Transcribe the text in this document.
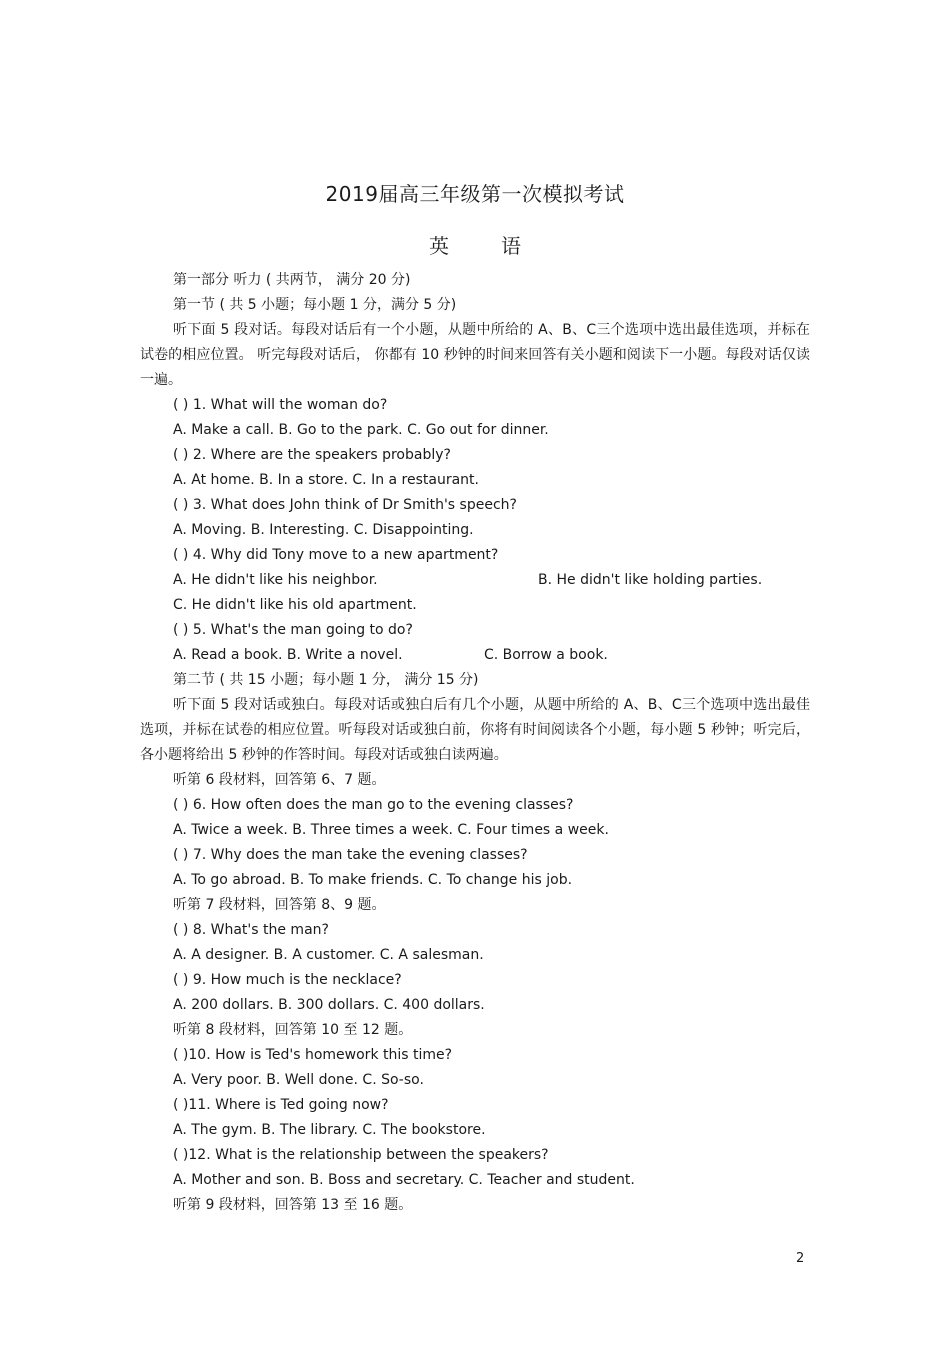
2019届高三年级第一次模拟考试
英	语
第一部分 听力 ( 共两节， 满分 20 分)
第一节 ( 共 5 小题；每小题 1 分，满分 5 分)
听下面 5 段对话。每段对话后有一个小题，从题中所给的 A、B、C三个选项中选出最佳选项，并标在试卷的相应位置。 听完每段对话后， 你都有 10 秒钟的时间来回答有关小题和阅读下一小题。每段对话仅读一遍。
( ) 1. What will the woman do?
A. Make a call. B. Go to the park. C. Go out for dinner.
( ) 2. Where are the speakers probably?
A. At home. B. In a store. C. In a restaurant.
( ) 3. What does John think of Dr Smith's speech?
A. Moving. B. Interesting. C. Disappointing.
( ) 4. Why did Tony move to a new apartment?
A. He didn't like his neighbor.	B. He didn't like holding parties.
C. He didn't like his old apartment.
( ) 5. What's the man going to do?
A. Read a book. B. Write a novel.	C. Borrow a book.
第二节 ( 共 15 小题；每小题 1 分， 满分 15 分)
听下面 5 段对话或独白。每段对话或独白后有几个小题，从题中所给的 A、B、C三个选项中选出最佳选项，并标在试卷的相应位置。听每段对话或独白前，你将有时间阅读各个小题，每小题 5 秒钟；听完后，各小题将给出 5 秒钟的作答时间。每段对话或独白读两遍。
听第 6 段材料，回答第 6、7 题。
( ) 6. How often does the man go to the evening classes?
A. Twice a week. B. Three times a week. C. Four times a week.
( ) 7. Why does the man take the evening classes?
A. To go abroad. B. To make friends. C. To change his job.
听第 7 段材料，回答第 8、9 题。
( ) 8. What's the man?
A. A designer. B. A customer. C. A salesman.
( ) 9. How much is the necklace?
A. 200 dollars. B. 300 dollars. C. 400 dollars.
听第 8 段材料，回答第 10 至 12 题。
( )10. How is Ted's homework this time?
A. Very poor. B. Well done. C. So-so.
( )11. Where is Ted going now?
A. The gym. B. The library. C. The bookstore.
( )12. What is the relationship between the speakers?
A. Mother and son. B. Boss and secretary. C. Teacher and student.
听第 9 段材料，回答第 13 至 16 题。
2
